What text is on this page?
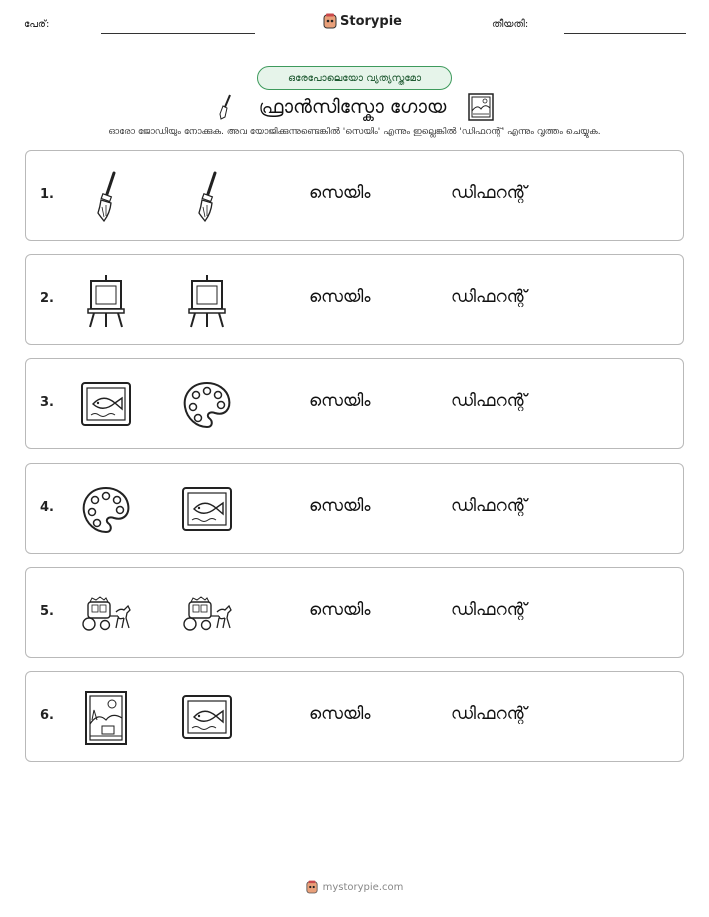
പേര്:	Storypie	തീയതി:
ഒരേപോലെയോ വ്യത്യസ്തമോ
ഫ്രാൻസിസ്കോ ഗോയ
ഓരോ ജോഡിയും നോക്കുക. അവ യോജിക്കുന്നുണ്ടെങ്കിൽ 'സെയിം' എന്നും ഇല്ലെങ്കിൽ 'ഡിഫറന്റ്' എന്നും വൃത്തം ചെയ്യുക.
1.	സെയിം	ഡിഫറന്റ്
2.	സെയിം	ഡിഫറന്റ്
3.	സെയിം	ഡിഫറന്റ്
4.	സെയിം	ഡിഫറന്റ്
5.	സെയിം	ഡിഫറന്റ്
6.	സെയിം	ഡിഫറന്റ്
mystorypie.com
